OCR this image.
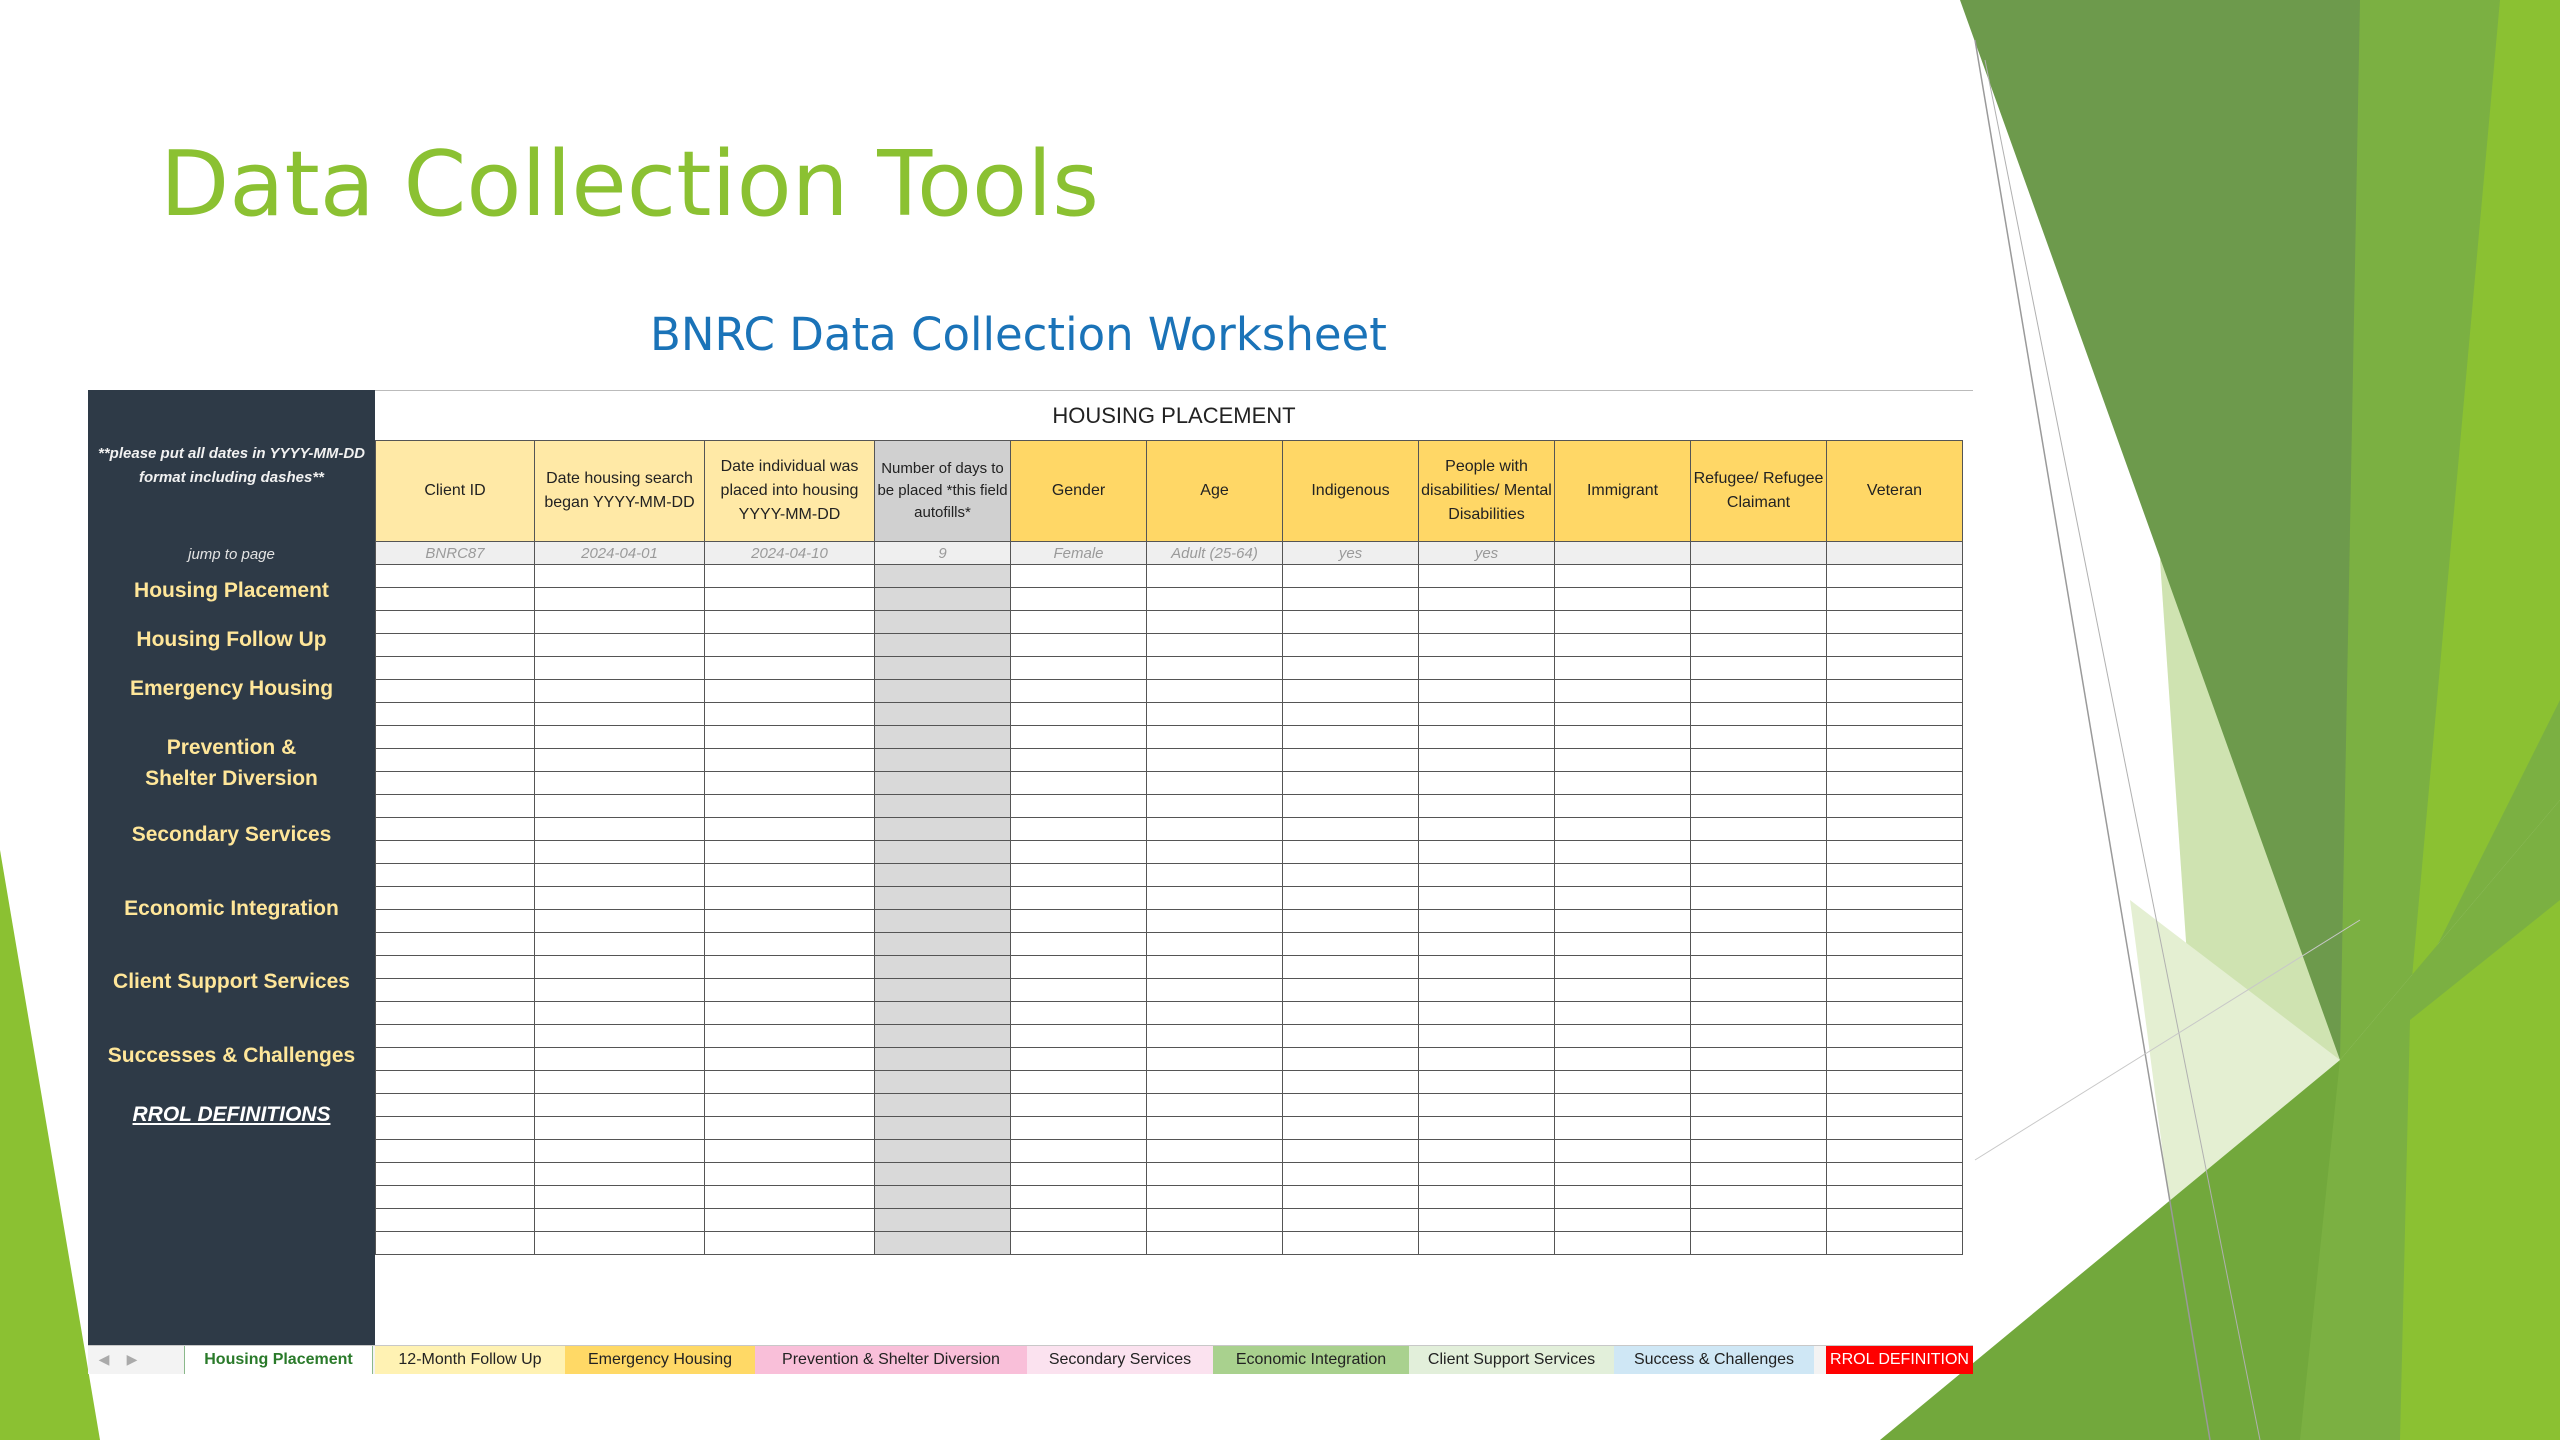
Data Collection Tools
BNRC Data Collection Worksheet
**please put all dates in YYYY-MM-DD format including dashes**
jump to page
Housing Placement
Housing Follow Up
Emergency Housing
Prevention & Shelter Diversion
Secondary Services
Economic Integration
Client Support Services
Successes & Challenges
RROL DEFINITIONS
HOUSING PLACEMENT
Client ID	Date housing search began YYYY-MM-DD	Date individual was placed into housing YYYY-MM-DD	Number of days to be placed *this field autofills*	Gender	Age	Indigenous	People with disabilities/ Mental Disabilities	Immigrant	Refugee/ Refugee Claimant	Veteran
BNRC87	2024-04-01	2024-04-10	9	Female	Adult (25-64)	yes	yes			

◀	▶	Housing Placement	12-Month Follow Up	Emergency Housing	Prevention & Shelter Diversion	Secondary Services	Economic Integration	Client Support Services	Success & Challenges	RROL DEFINITION
